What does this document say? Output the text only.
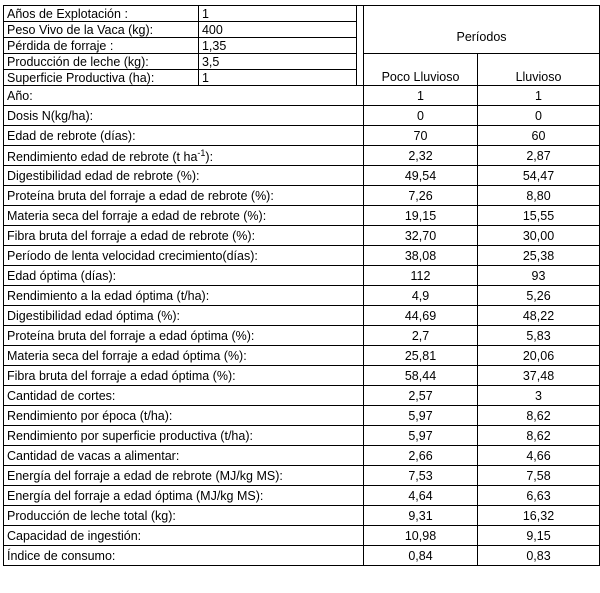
Años de Explotación :	1			
Peso Vivo de la Vaca (kg):	400		Períodos	
Pérdida de forraje :	1,35			
Producción de leche (kg):	3,5		Poco Lluvioso	Lluvioso
Superficie Productiva (ha):	1			
Año:			1	1
Dosis N(kg/ha):			0	0
Edad de rebrote (días):			70	60
Rendimiento edad de rebrote (t $ha^{-1}$):			2,32	2,87
Digestibilidad edad de rebrote (%):			49,54	54,47
Proteína bruta del forraje a edad de rebrote (%):			7,26	8,80
Materia seca del forraje a edad de rebrote (%):			19,15	15,55
Fibra bruta del forraje a edad de rebrote (%):			32,70	30,00
Período de lenta velocidad crecimiento(días):			38,08	25,38
Edad óptima (días):			112	93
Rendimiento a la edad óptima (t/ha):			4,9	5,26
Digestibilidad edad óptima (%):			44,69	48,22
Proteína bruta del forraje a edad óptima (%):			2,7	5,83
Materia seca del forraje a edad óptima (%):			25,81	20,06
Fibra bruta del forraje a edad óptima (%):			58,44	37,48
Cantidad de cortes:			2,57	3
Rendimiento por época (t/ha):			5,97	8,62
Rendimiento por superficie productiva (t/ha):			5,97	8,62
Cantidad de vacas a alimentar:			2,66	4,66
Energía del forraje a edad de rebrote (MJ/kg MS):			7,53	7,58
Energía del forraje a edad óptima (MJ/kg MS):			4,64	6,63
Producción de leche total (kg):			9,31	16,32
Capacidad de ingestión:			10,98	9,15
Índice de consumo:			0,84	0,83
